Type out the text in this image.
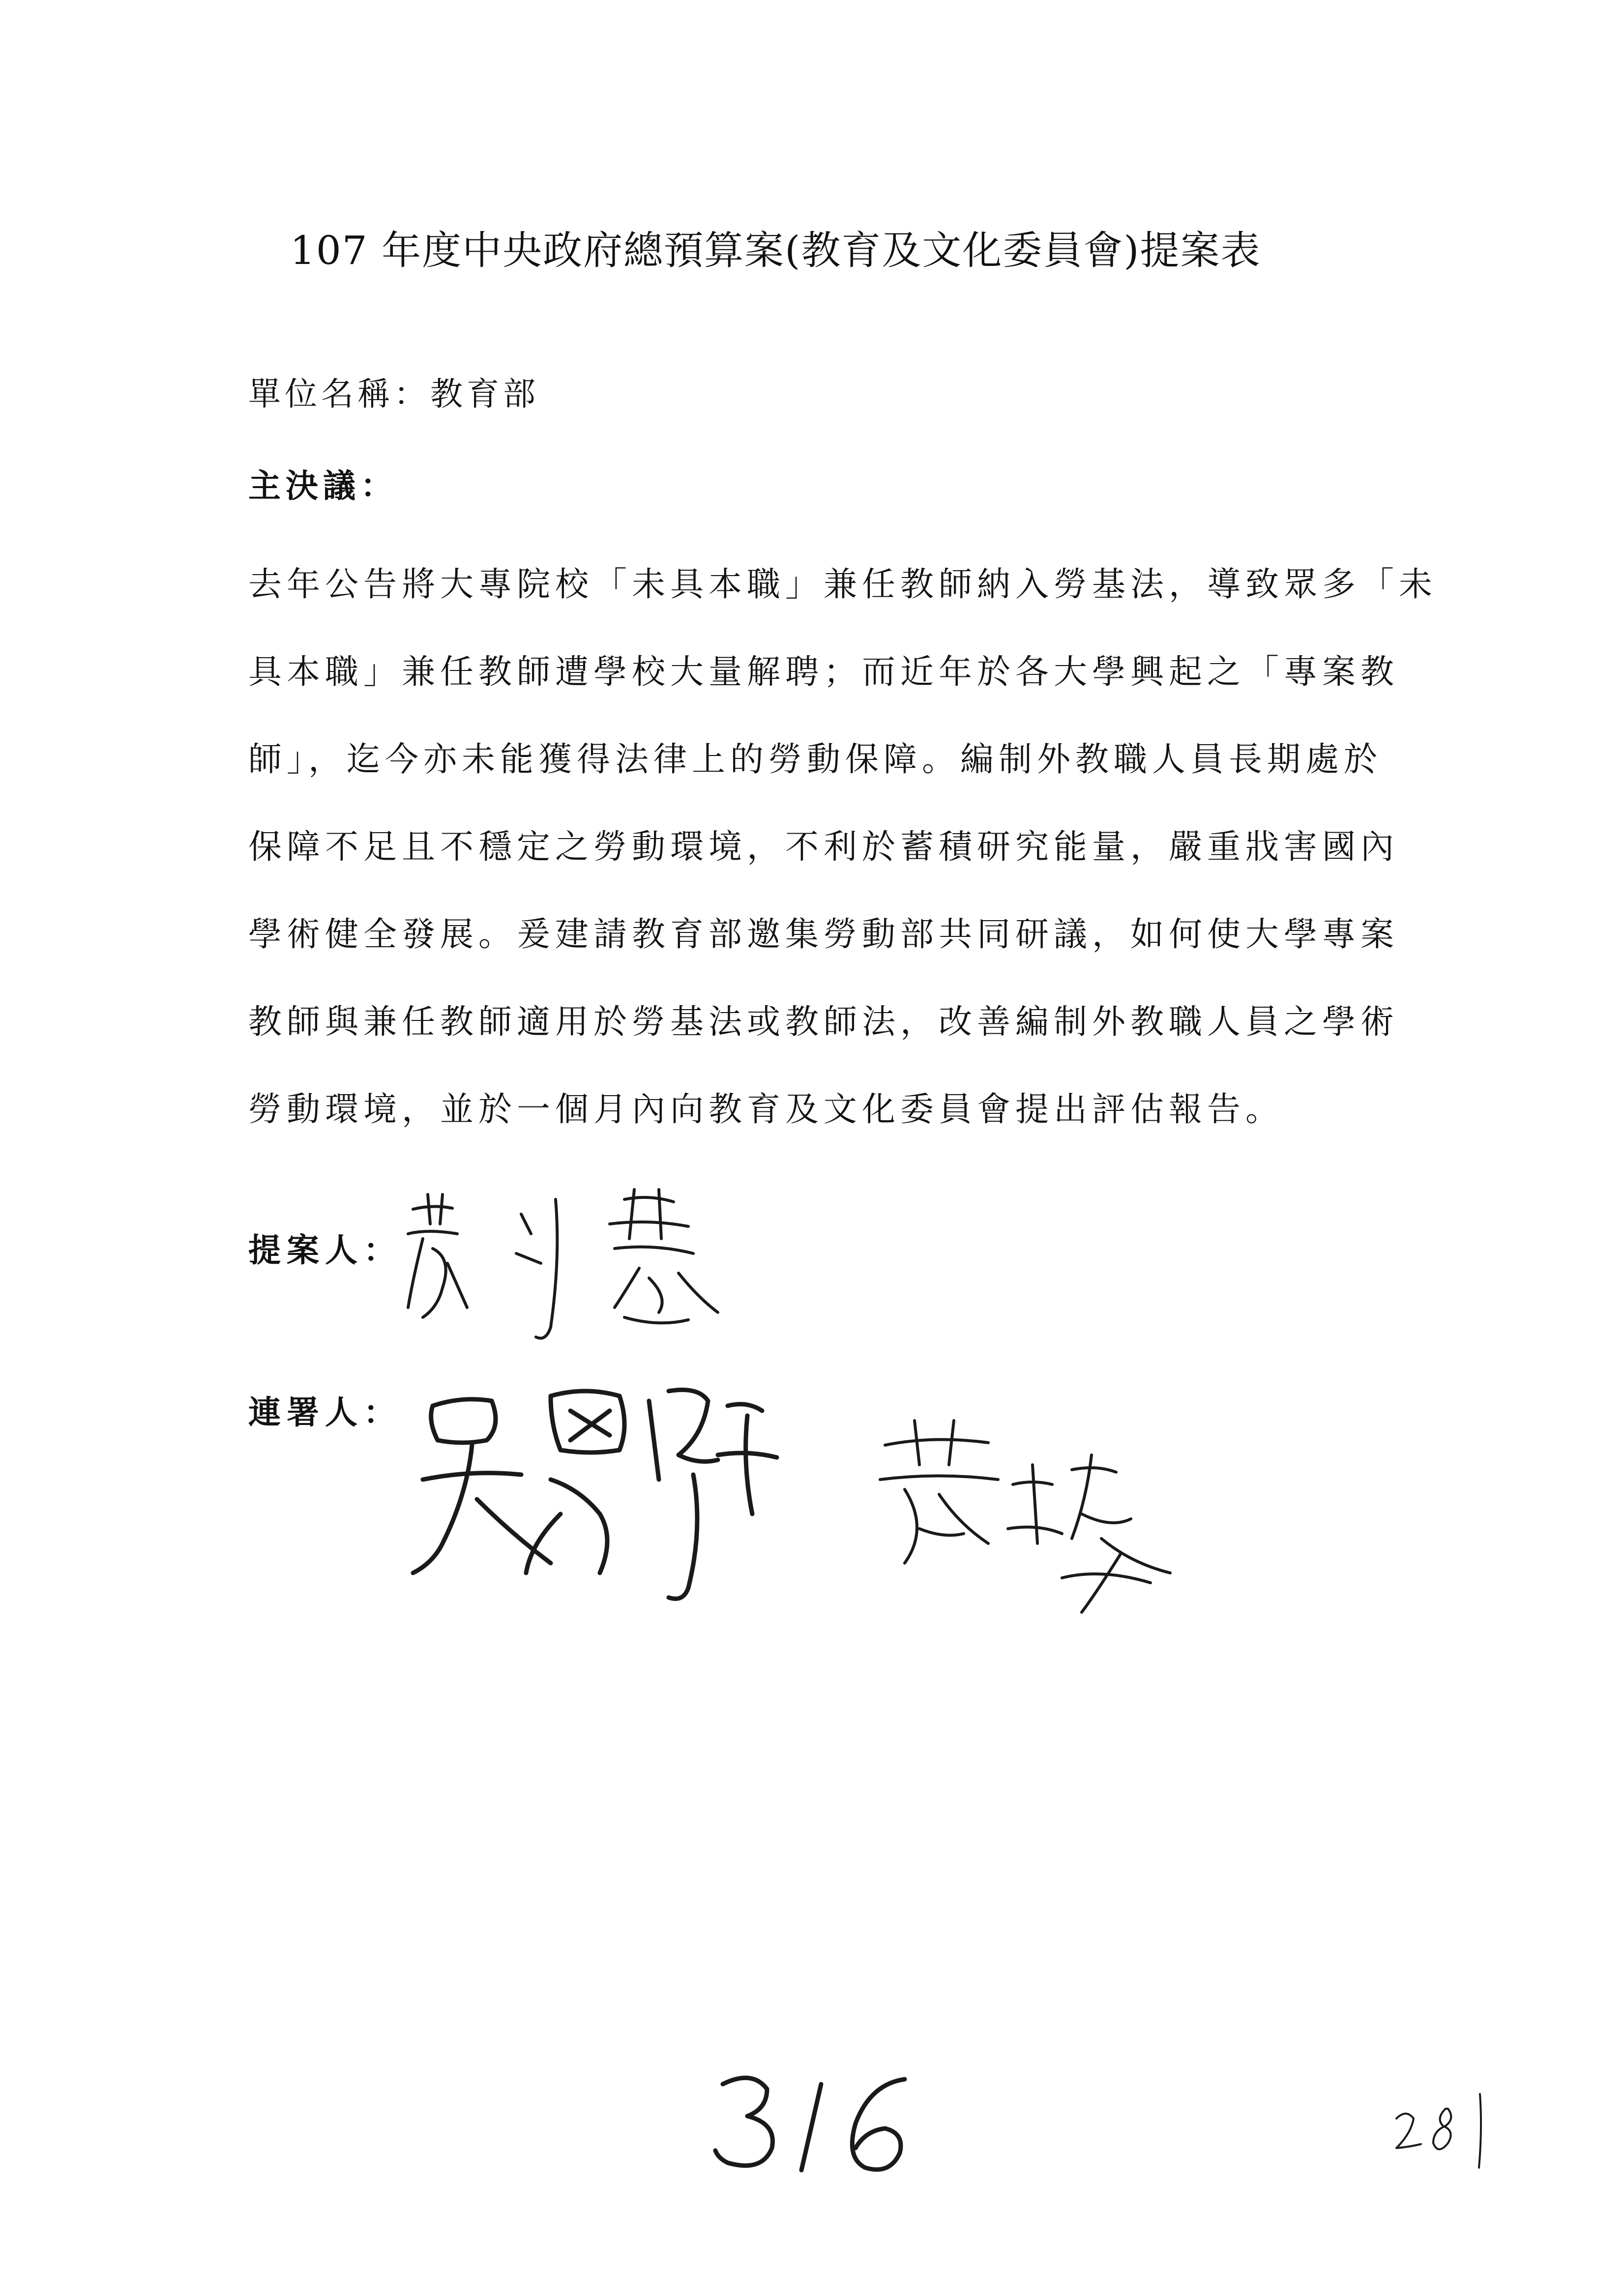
107 年度中央政府總預算案(教育及文化委員會)提案表
單位名稱：教育部
主決議：
去年公告將大專院校「未具本職」兼任教師納入勞基法，導致眾多「未
具本職」兼任教師遭學校大量解聘；而近年於各大學興起之「專案教
師」，迄今亦未能獲得法律上的勞動保障。編制外教職人員長期處於
保障不足且不穩定之勞動環境，不利於蓄積研究能量，嚴重戕害國內
學術健全發展。爰建請教育部邀集勞動部共同研議，如何使大學專案
教師與兼任教師適用於勞基法或教師法，改善編制外教職人員之學術
勞動環境，並於一個月內向教育及文化委員會提出評估報告。
提案人：
連署人：
